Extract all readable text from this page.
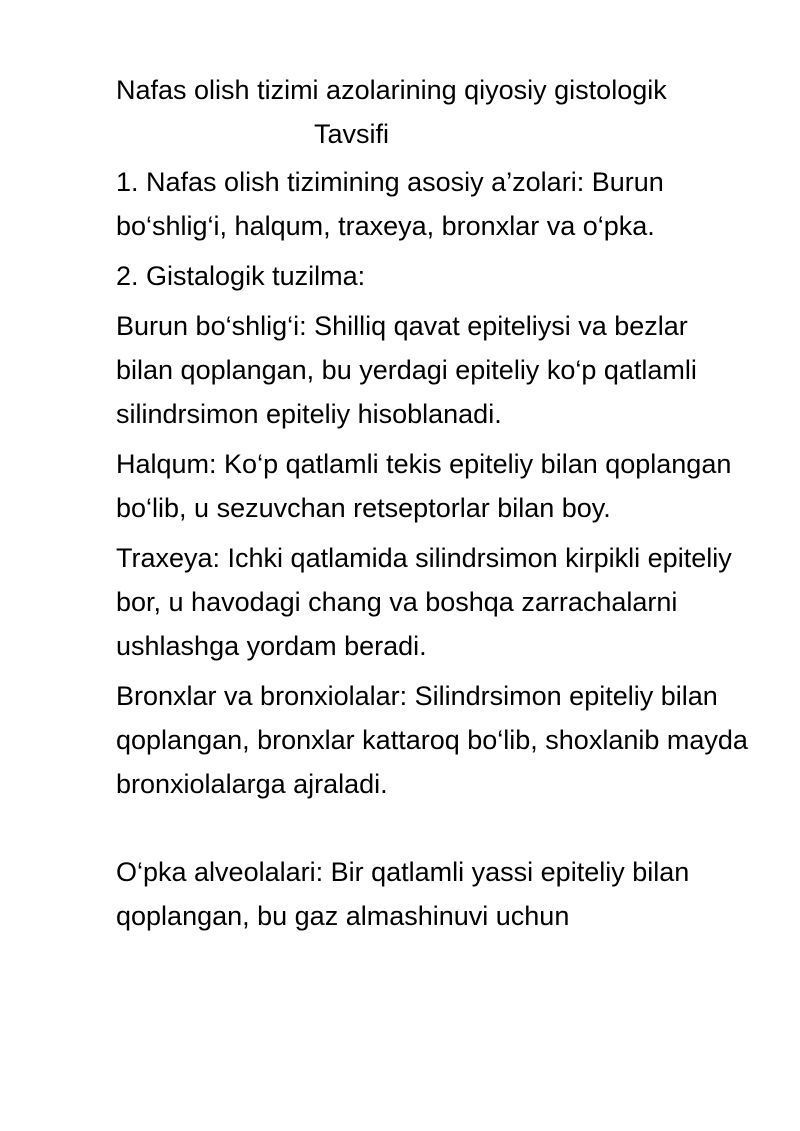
Nafas olish tizimi azolarining qiyosiy gistologik

Tavsifi

1. Nafas olish tizimining asosiy a’zolari: Burun bo‘shlig‘i, halqum, traxeya, bronxlar va o‘pka.

2. Gistalogik tuzilma:

Burun bo‘shlig‘i: Shilliq qavat epiteliysi va bezlar bilan qoplangan, bu yerdagi epiteliy ko‘p qatlamli silindrsimon epiteliy hisoblanadi.

Halqum: Ko‘p qatlamli tekis epiteliy bilan qoplangan bo‘lib, u sezuvchan retseptorlar bilan boy.

Traxeya: Ichki qatlamida silindrsimon kirpikli epiteliy bor, u havodagi chang va boshqa zarrachalarni ushlashga yordam beradi.

Bronxlar va bronxiolalar: Silindrsimon epiteliy bilan qoplangan, bronxlar kattaroq bo‘lib, shoxlanib mayda bronxiolalarga ajraladi.

O‘pka alveolalari: Bir qatlamli yassi epiteliy bilan qoplangan, bu gaz almashinuvi uchun
